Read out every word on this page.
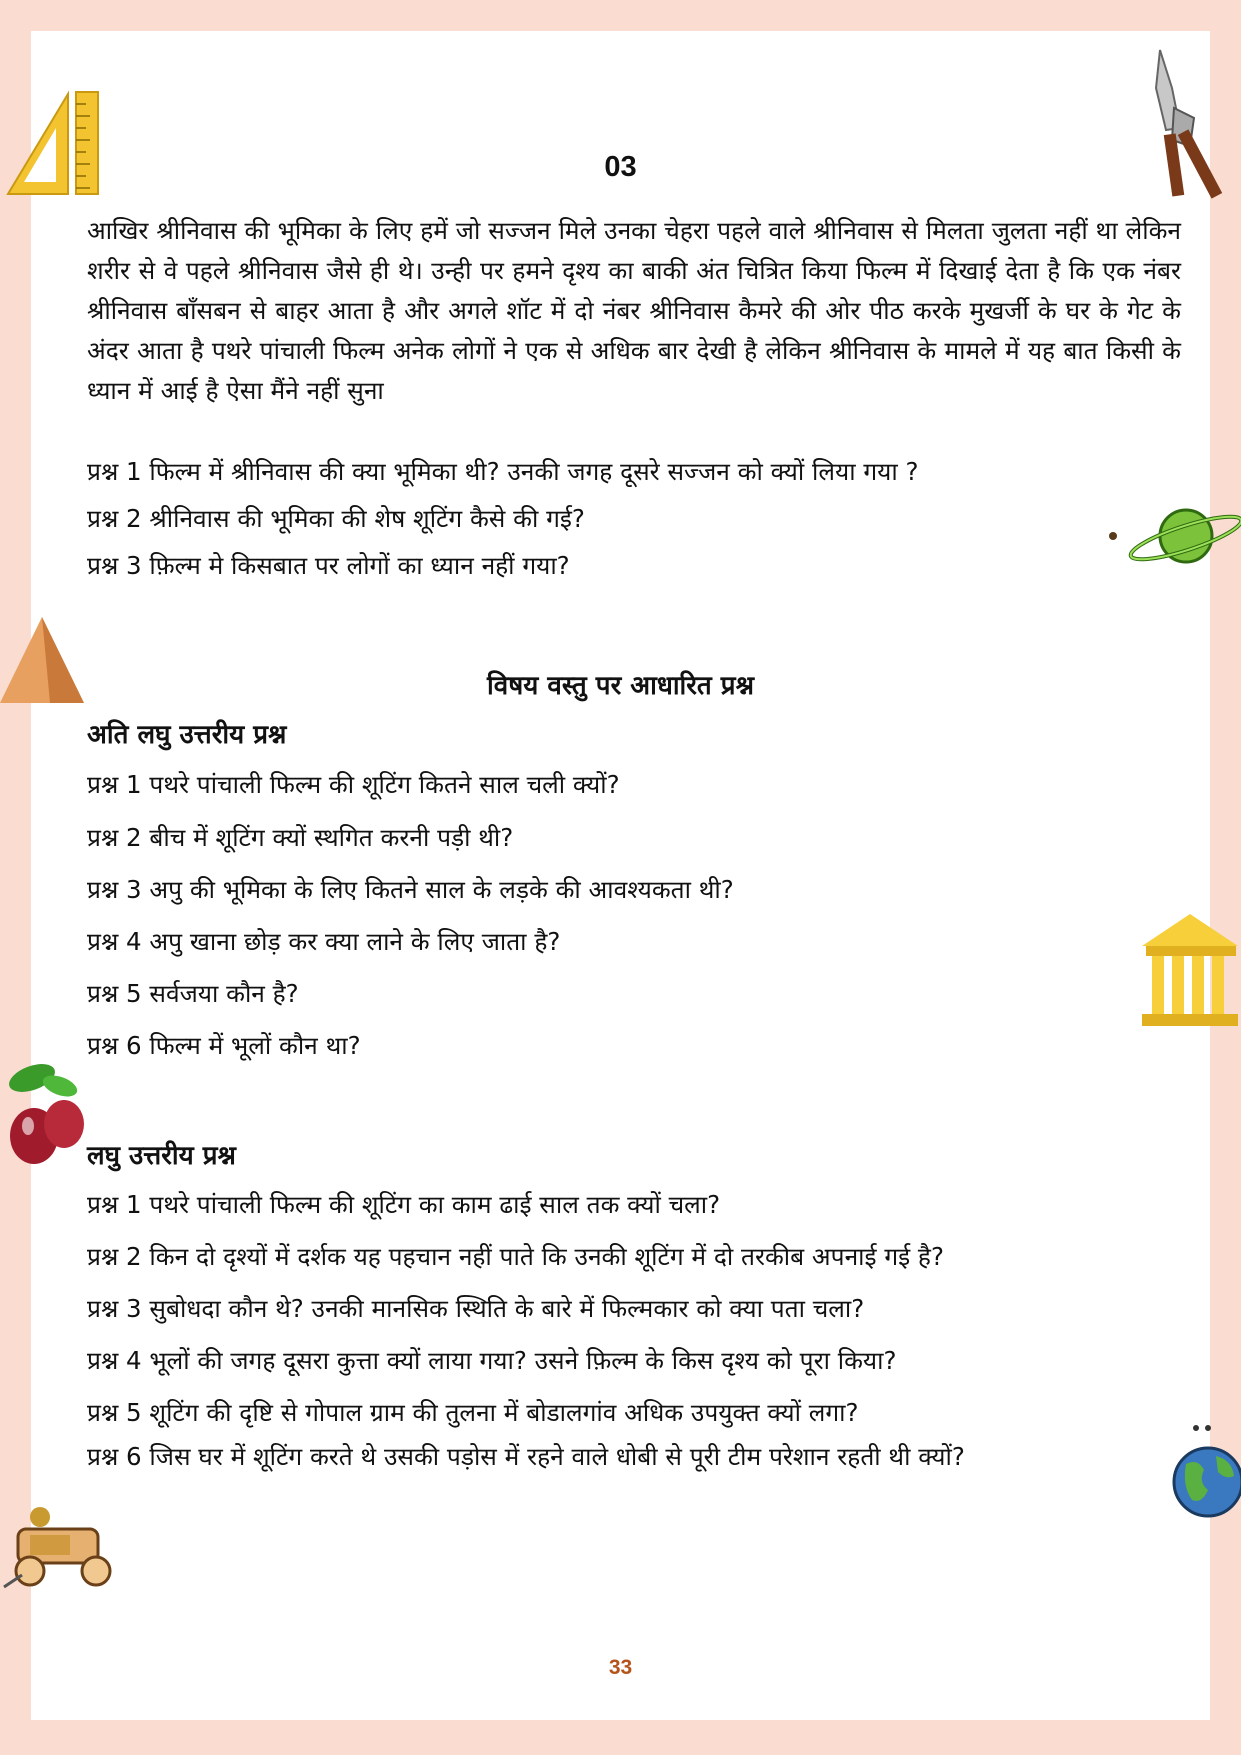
03

आखिर श्रीनिवास की भूमिका के लिए हमें जो सज्जन मिले उनका चेहरा पहले वाले श्रीनिवास से मिलता जुलता नहीं था लेकिन शरीर से वे पहले श्रीनिवास जैसे ही थे। उन्ही पर हमने दृश्य का बाकी अंत चित्रित किया फिल्म में दिखाई देता है कि एक नंबर श्रीनिवास बाँसबन से बाहर आता है और अगले शॉट में दो नंबर श्रीनिवास कैमरे की ओर पीठ करके मुखर्जी के घर के गेट के अंदर आता है पथरे पांचाली फिल्म अनेक लोगों ने एक से अधिक बार देखी है लेकिन श्रीनिवास के मामले में यह बात किसी के ध्यान में आई है ऐसा मैंने नहीं सुना

प्रश्न 1 फिल्म में श्रीनिवास की क्या भूमिका थी? उनकी जगह दूसरे सज्जन को क्यों लिया गया ?
प्रश्न 2 श्रीनिवास की भूमिका की शेष शूटिंग कैसे की गई?
प्रश्न 3 फ़िल्म मे किसबात पर लोगों का ध्यान नहीं गया?
विषय वस्तु पर आधारित प्रश्न
अति लघु उत्तरीय प्रश्न
प्रश्न 1 पथरे पांचाली फिल्म की शूटिंग कितने साल चली क्यों?
प्रश्न 2 बीच में शूटिंग क्यों स्थगित करनी पड़ी थी?
प्रश्न 3 अपु की भूमिका के लिए कितने साल के लड़के की आवश्यकता थी?
प्रश्न 4 अपु खाना छोड़ कर क्या लाने के लिए जाता है?
प्रश्न 5 सर्वजया कौन है?
प्रश्न 6 फिल्म में भूलों कौन था?
लघु उत्तरीय प्रश्न
प्रश्न 1 पथरे पांचाली फिल्म की शूटिंग का काम ढाई साल तक क्यों चला?
प्रश्न 2 किन दो दृश्यों में दर्शक यह पहचान नहीं पाते कि उनकी शूटिंग में दो तरकीब अपनाई गई है?
प्रश्न 3 सुबोधदा कौन थे? उनकी मानसिक स्थिति के बारे में फिल्मकार को क्या पता चला?
प्रश्न 4 भूलों की जगह दूसरा कुत्ता क्यों लाया गया? उसने फ़िल्म के किस दृश्य को पूरा किया?
प्रश्न 5 शूटिंग की दृष्टि से गोपाल ग्राम की तुलना में बोडालगांव अधिक उपयुक्त क्यों लगा?
प्रश्न 6 जिस घर में शूटिंग करते थे उसकी पड़ोस में रहने वाले धोबी से पूरी टीम परेशान रहती थी क्यों?
33
